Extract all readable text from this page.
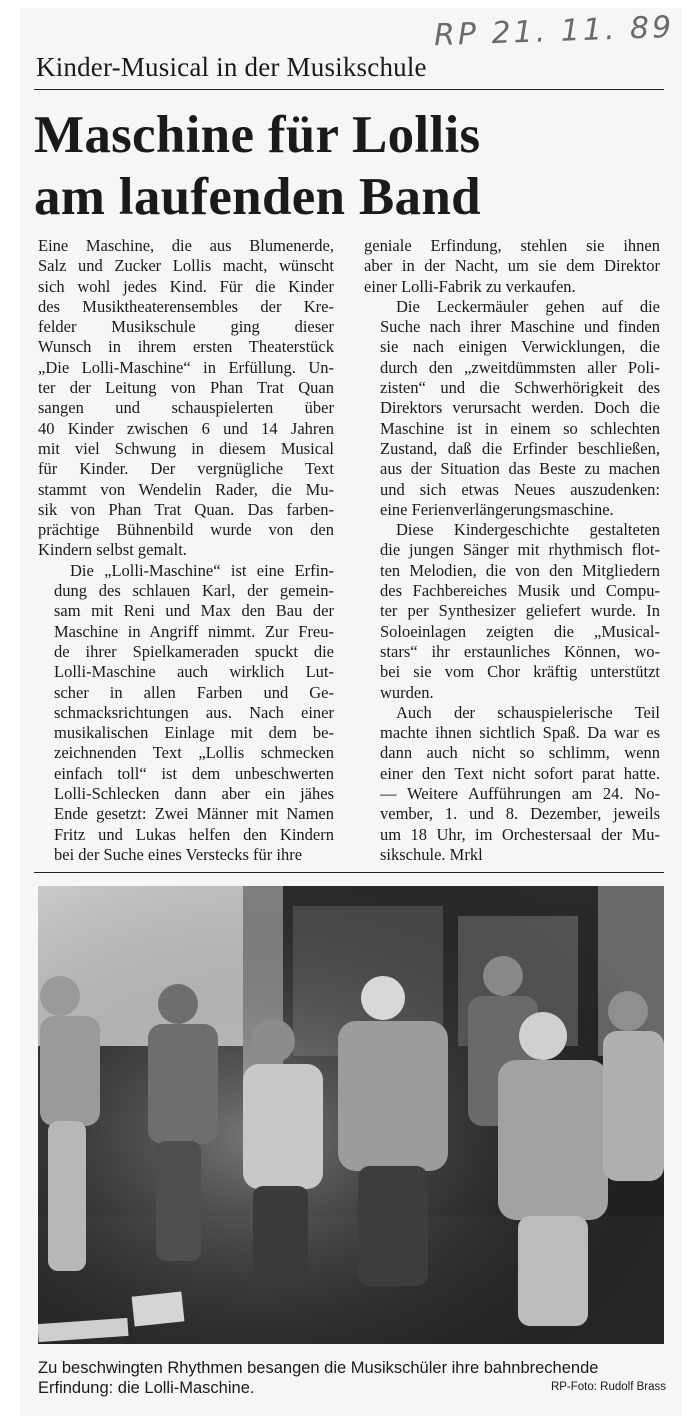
RP 21. 11. 89
Kinder-Musical in der Musikschule
Maschine für Lollis
am laufenden Band

Eine Maschine, die aus Blumenerde,
Salz und Zucker Lollis macht, wünscht
sich wohl jedes Kind. Für die Kinder
des Musiktheaterensembles der Kre-
felder Musikschule ging dieser
Wunsch in ihrem ersten Theaterstück
„Die Lolli-Maschine“ in Erfüllung. Un-
ter der Leitung von Phan Trat Quan
sangen und schauspielerten über
40 Kinder zwischen 6 und 14 Jahren
mit viel Schwung in diesem Musical
für Kinder. Der vergnügliche Text
stammt von Wendelin Rader, die Mu-
sik von Phan Trat Quan. Das farben-
prächtige Bühnenbild wurde von den
Kindern selbst gemalt.

Die „Lolli-Maschine“ ist eine Erfin-
dung des schlauen Karl, der gemein-
sam mit Reni und Max den Bau der
Maschine in Angriff nimmt. Zur Freu-
de ihrer Spielkameraden spuckt die
Lolli-Maschine auch wirklich Lut-
scher in allen Farben und Ge-
schmacksrichtungen aus. Nach einer
musikalischen Einlage mit dem be-
zeichnenden Text „Lollis schmecken
einfach toll“ ist dem unbeschwerten
Lolli-Schlecken dann aber ein jähes
Ende gesetzt: Zwei Männer mit Namen
Fritz und Lukas helfen den Kindern
bei der Suche eines Verstecks für ihre

geniale Erfindung, stehlen sie ihnen
aber in der Nacht, um sie dem Direktor
einer Lolli-Fabrik zu verkaufen.

Die Leckermäuler gehen auf die
Suche nach ihrer Maschine und finden
sie nach einigen Verwicklungen, die
durch den „zweitdümmsten aller Poli-
zisten“ und die Schwerhörigkeit des
Direktors verursacht werden. Doch die
Maschine ist in einem so schlechten
Zustand, daß die Erfinder beschließen,
aus der Situation das Beste zu machen
und sich etwas Neues auszudenken:
eine Ferienverlängerungsmaschine.

Diese Kindergeschichte gestalteten
die jungen Sänger mit rhythmisch flot-
ten Melodien, die von den Mitgliedern
des Fachbereiches Musik und Compu-
ter per Synthesizer geliefert wurde. In
Soloeinlagen zeigten die „Musical-
stars“ ihr erstaunliches Können, wo-
bei sie vom Chor kräftig unterstützt
wurden.

Auch der schauspielerische Teil
machte ihnen sichtlich Spaß. Da war es
dann auch nicht so schlimm, wenn
einer den Text nicht sofort parat hatte.
— Weitere Aufführungen am 24. No-
vember, 1. und 8. Dezember, jeweils
um 18 Uhr, im Orchestersaal der Mu-
sikschule. Mrkl

Zu beschwingten Rhythmen besangen die Musikschüler ihre bahnbrechende
Erfindung: die Lolli-Maschine.	RP-Foto: Rudolf Brass
